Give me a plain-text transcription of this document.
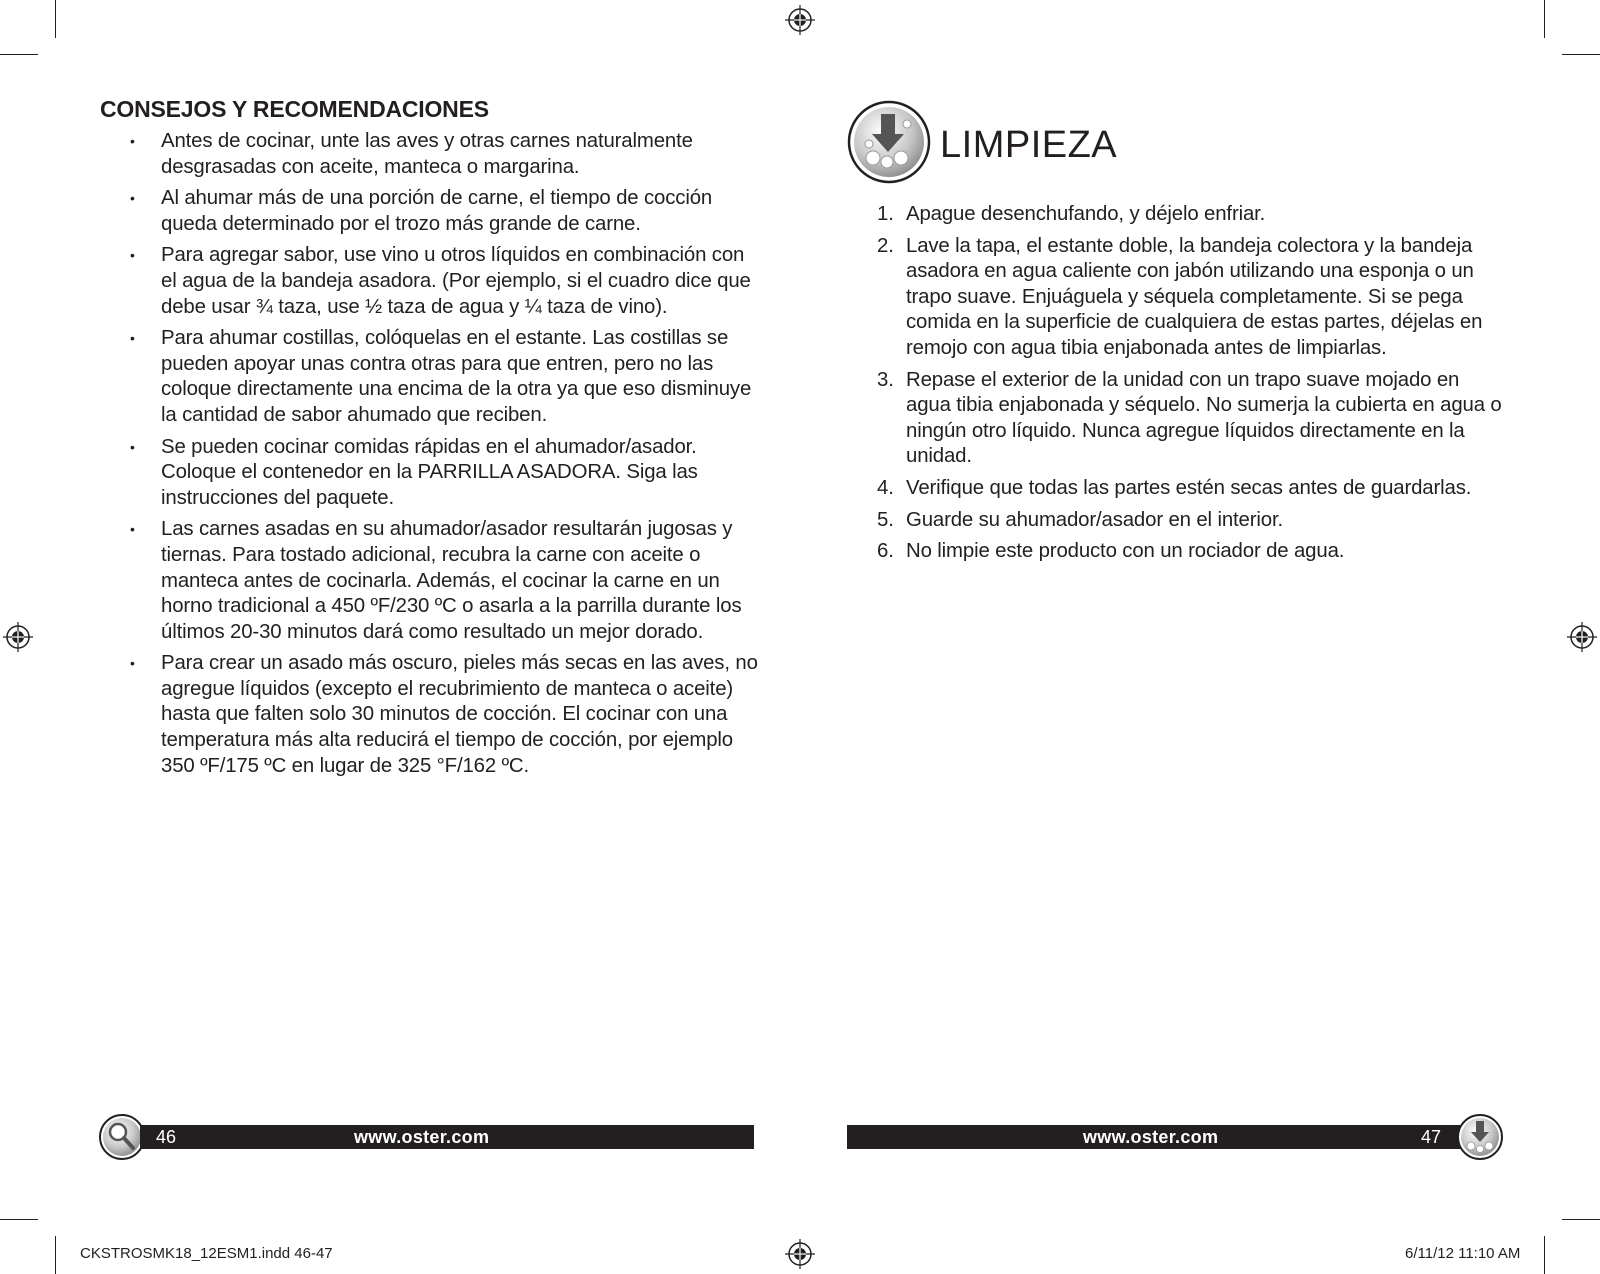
CONSEJOS Y RECOMENDACIONES
• Antes de cocinar, unte las aves y otras carnes naturalmente desgrasadas con aceite, manteca o margarina.
• Al ahumar más de una porción de carne, el tiempo de cocción queda determinado por el trozo más grande de carne.
• Para agregar sabor, use vino u otros líquidos en combinación con el agua de la bandeja asadora. (Por ejemplo, si el cuadro dice que debe usar ¾ taza, use ½ taza de agua y ¼ taza de vino).
• Para ahumar costillas, colóquelas en el estante. Las costillas se pueden apoyar unas contra otras para que entren, pero no las coloque directamente una encima de la otra ya que eso disminuye la cantidad de sabor ahumado que reciben.
• Se pueden cocinar comidas rápidas en el ahumador/asador. Coloque el contenedor en la PARRILLA ASADORA. Siga las instrucciones del paquete.
• Las carnes asadas en su ahumador/asador resultarán jugosas y tiernas. Para tostado adicional, recubra la carne con aceite o manteca antes de cocinarla. Además, el cocinar la carne en un horno tradicional a 450 ºF/230 ºC o asarla a la parrilla durante los últimos 20-30 minutos dará como resultado un mejor dorado.
• Para crear un asado más oscuro, pieles más secas en las aves, no agregue líquidos (excepto el recubrimiento de manteca o aceite) hasta que falten solo 30 minutos de cocción. El cocinar con una temperatura más alta reducirá el tiempo de cocción, por ejemplo 350 ºF/175 ºC en lugar de 325 °F/162 ºC.
LIMPIEZA
1. Apague desenchufando, y déjelo enfriar.
2. Lave la tapa, el estante doble, la bandeja colectora y la bandeja asadora en agua caliente con jabón utilizando una esponja o un trapo suave. Enjuáguela y séquela completamente. Si se pega comida en la superficie de cualquiera de estas partes, déjelas en remojo con agua tibia enjabonada antes de limpiarlas.
3. Repase el exterior de la unidad con un trapo suave mojado en agua tibia enjabonada y séquelo. No sumerja la cubierta en agua o ningún otro líquido. Nunca agregue líquidos directamente en la unidad.
4. Verifique que todas las partes estén secas antes de guardarlas.
5. Guarde su ahumador/asador en el interior.
6. No limpie este producto con un rociador de agua.
46	www.oster.com	www.oster.com	47
CKSTROSMK18_12ESM1.indd 46-47	6/11/12 11:10 AM
